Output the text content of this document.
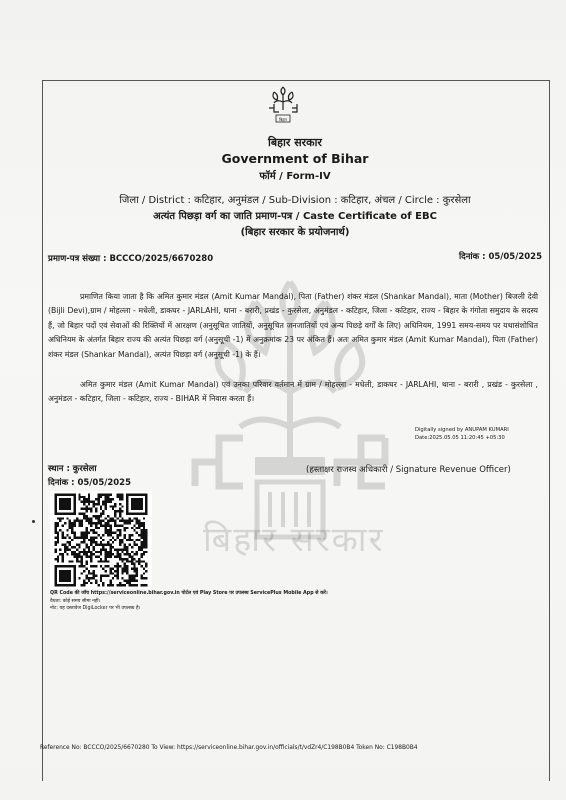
बिहार सरकार
बिहार
बिहार सरकार
Government of Bihar
फॉर्म / Form-IV
जिला / District : कटिहार, अनुमंडल / Sub-Division : कटिहार, अंचल / Circle : कुरसेला
अत्यंत पिछड़ा वर्ग का जाति प्रमाण-पत्र / Caste Certificate of EBC
(बिहार सरकार के प्रयोजनार्थ)
प्रमाण-पत्र संख्या : BCCCO/2025/6670280	दिनांक : 05/05/2025
प्रमाणित किया जाता है कि अमित कुमार मंडल (Amit Kumar Mandal), पिता (Father) शंकर मंडल (Shankar Mandal), माता (Mother) बिजली देवी (Bijli Devi),ग्राम / मोहल्ला - मधेली, डाकघर - JARLAHI, थाना - बरारी, प्रखंड - कुरसेला, अनुमंडल - कटिहार, जिला - कटिहार, राज्य - बिहार के गंगोता समुदाय के सदस्य हैं, जो बिहार पदों एवं सेवाओं की रिक्तियों में आरक्षण (अनुसूचित जातियों, अनुसूचित जनजातियों एवं अन्य पिछड़े वर्गों के लिए) अधिनियम, 1991 समय-समय पर यथासंशोधित अधिनियम के अंतर्गत बिहार राज्य की अत्यंत पिछड़ा वर्ग (अनुसूची -1) में अनुक्रमांक 23 पर अंकित हैं। अतः अमित कुमार मंडल (Amit Kumar Mandal), पिता (Father) शंकर मंडल (Shankar Mandal), अत्यंत पिछड़ा वर्ग (अनुसूची -1) के हैं।
अमित कुमार मंडल (Amit Kumar Mandal) एवं उनका परिवार वर्तमान में ग्राम / मोहल्ला - मधेली, डाकघर - JARLAHI, थाना - बरारी , प्रखंड - कुरसेला , अनुमंडल - कटिहार, जिला - कटिहार, राज्य - BIHAR में निवास करता हैं।
Digitally signed by ANUPAM KUMARI
Date:2025.05.05 11:20:45 +05:30
स्थान : कुरसेला
दिनांक : 05/05/2025
(हस्ताक्षर राजस्व अधिकारी / Signature Revenue Officer)
QR Code की जाँच https://serviceonline.bihar.gov.in पोर्टल एवं Play Store पर उपलब्ध ServicePlus Mobile App से करें।
वैधता: कोई समय सीमा नहीं।
नोट: यह दस्तावेज DigiLocker पर भी उपलब्ध है।
Reference No: BCCCO/2025/6670280 To View: https://serviceonline.bihar.gov.in/officials/t/vdZr4/C198B0B4 Token No: C198B0B4
